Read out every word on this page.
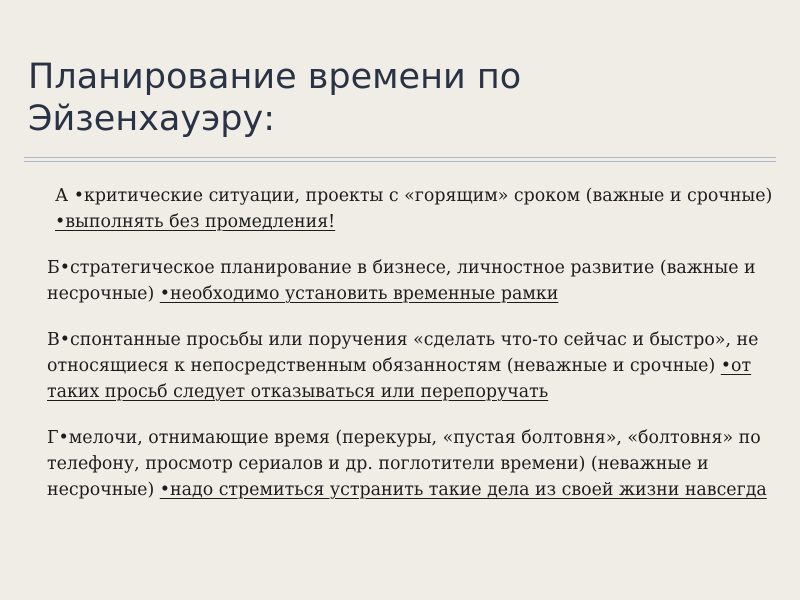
Планирование времени по Эйзенхауэру:

А •критические ситуации, проекты с «горящим» сроком (важные и срочные) •выполнять без промедления!

Б•стратегическое планирование в бизнесе, личностное развитие (важные и несрочные) •необходимо установить временные рамки

В•спонтанные просьбы или поручения «сделать что-то сейчас и быстро», не относящиеся к непосредственным обязанностям (неважные и срочные) •от таких просьб следует отказываться или перепоручать

Г•мелочи, отнимающие время (перекуры, «пустая болтовня», «болтовня» по телефону, просмотр сериалов и др. поглотители времени) (неважные и несрочные) •надо стремиться устранить такие дела из своей жизни навсегда
